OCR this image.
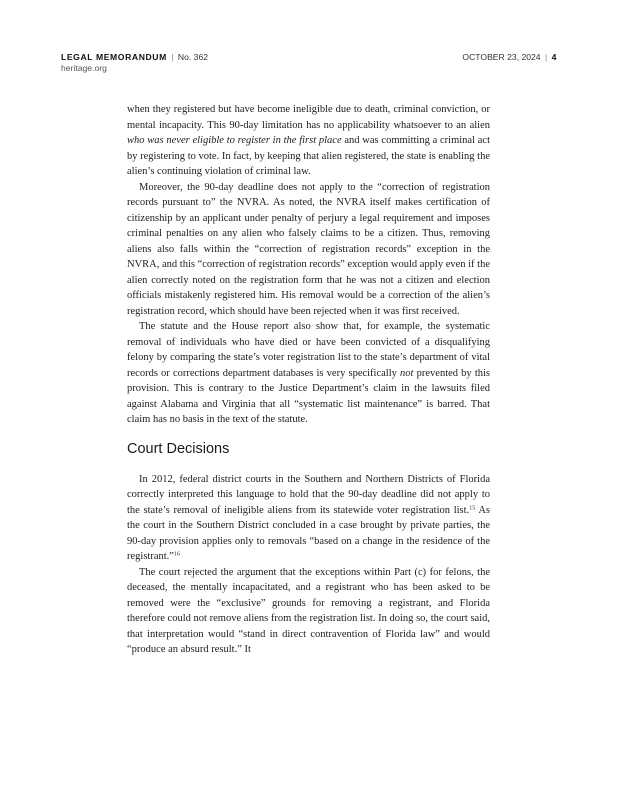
LEGAL MEMORANDUM | No. 362
heritage.org
OCTOBER 23, 2024 | 4

when they registered but have become ineligible due to death, criminal conviction, or mental incapacity. This 90-day limitation has no applicability whatsoever to an alien who was never eligible to register in the first place and was committing a criminal act by registering to vote. In fact, by keeping that alien registered, the state is enabling the alien’s continuing violation of criminal law.

Moreover, the 90-day deadline does not apply to the “correction of registration records pursuant to” the NVRA. As noted, the NVRA itself makes certification of citizenship by an applicant under penalty of perjury a legal requirement and imposes criminal penalties on any alien who falsely claims to be a citizen. Thus, removing aliens also falls within the “correction of registration records” exception in the NVRA, and this “correction of registration records” exception would apply even if the alien correctly noted on the registration form that he was not a citizen and election officials mistakenly registered him. His removal would be a correction of the alien’s registration record, which should have been rejected when it was first received.

The statute and the House report also show that, for example, the systematic removal of individuals who have died or have been convicted of a disqualifying felony by comparing the state’s voter registration list to the state’s department of vital records or corrections department databases is very specifically not prevented by this provision. This is contrary to the Justice Department’s claim in the lawsuits filed against Alabama and Virginia that all “systematic list maintenance” is barred. That claim has no basis in the text of the statute.

Court Decisions

In 2012, federal district courts in the Southern and Northern Districts of Florida correctly interpreted this language to hold that the 90-day deadline did not apply to the state’s removal of ineligible aliens from its statewide voter registration list.$^{15}$ As the court in the Southern District concluded in a case brought by private parties, the 90-day provision applies only to removals “based on a change in the residence of the registrant.”$^{16}$

The court rejected the argument that the exceptions within Part (c) for felons, the deceased, the mentally incapacitated, and a registrant who has been asked to be removed were the “exclusive” grounds for removing a registrant, and Florida therefore could not remove aliens from the registration list. In doing so, the court said, that interpretation would “stand in direct contravention of Florida law” and would “produce an absurd result.” It
